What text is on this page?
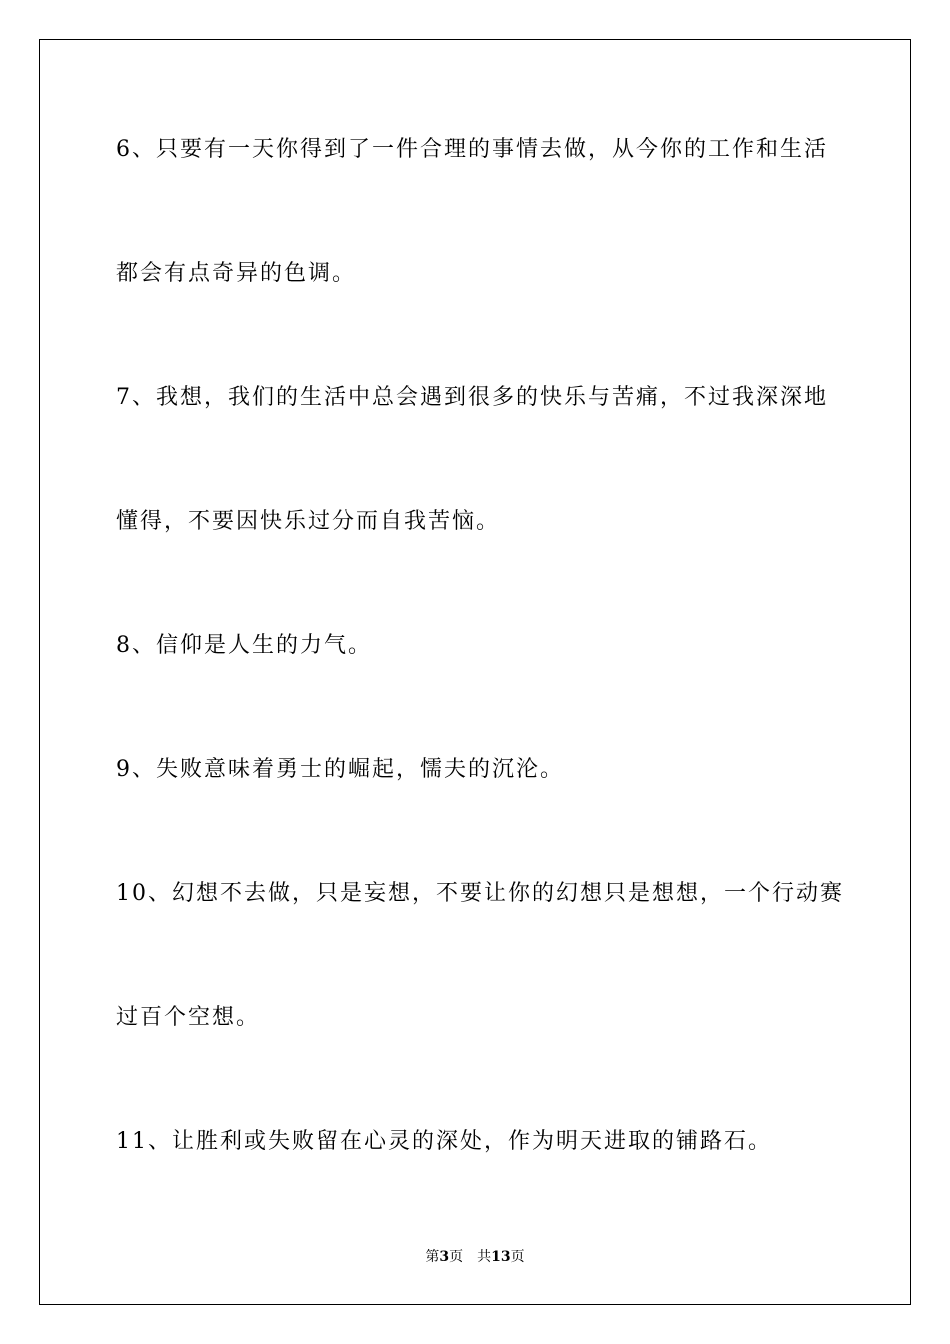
6、只要有一天你得到了一件合理的事情去做，从今你的工作和生活
都会有点奇异的色调。
7、我想，我们的生活中总会遇到很多的快乐与苦痛，不过我深深地
懂得，不要因快乐过分而自我苦恼。
8、信仰是人生的力气。
9、失败意味着勇士的崛起，懦夫的沉沦。
10、幻想不去做，只是妄想，不要让你的幻想只是想想，一个行动赛
过百个空想。
11、让胜利或失败留在心灵的深处，作为明天进取的铺路石。
第3页 共13页
